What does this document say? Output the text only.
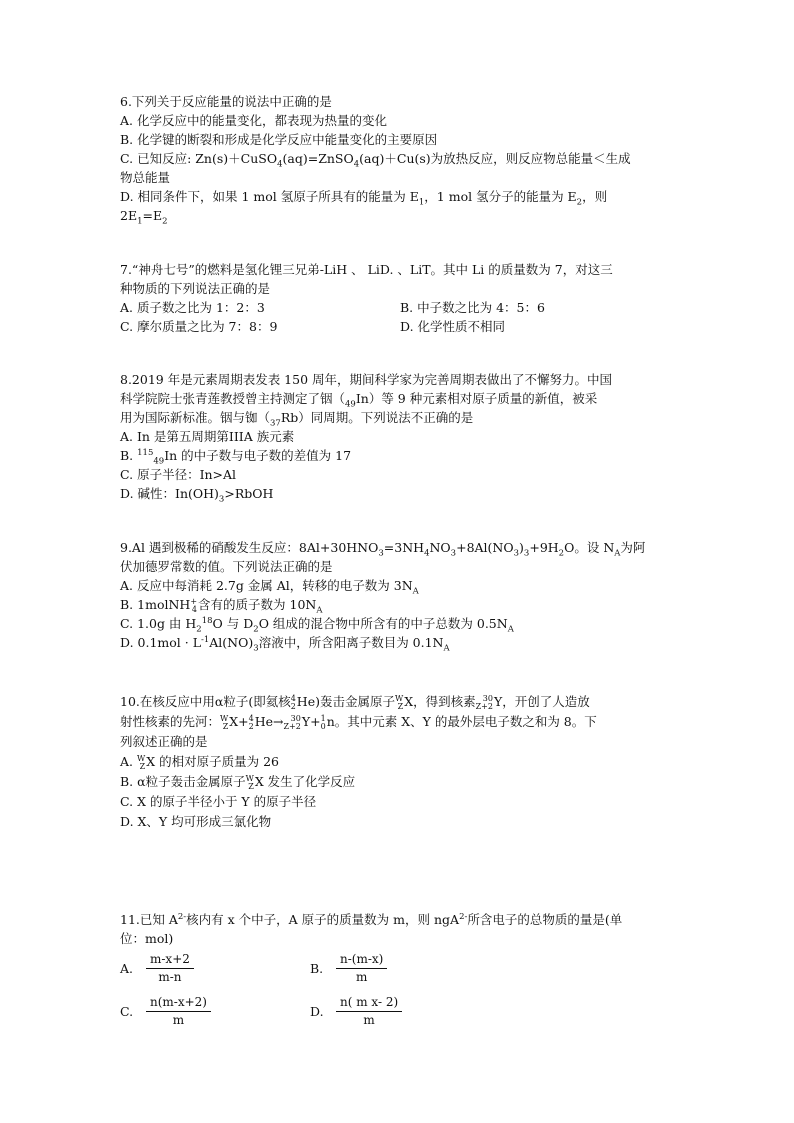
6.下列关于反应能量的说法中正确的是
A. 化学反应中的能量变化，都表现为热量的变化
B. 化学键的断裂和形成是化学反应中能量变化的主要原因
C. 已知反应: Zn(s)＋CuSO$_4$(aq)=ZnSO$_4$(aq)＋Cu(s)为放热反应，则反应物总能量＜生成
物总能量
D. 相同条件下，如果 1 mol 氢原子所具有的能量为 $E_1$，1 mol 氢分子的能量为 $E_2$，则
$2E_1=E_2$
7.“神舟七号”的燃料是氢化锂三兄弟-LiH 、 LiD. 、LiT。其中 Li 的质量数为 7，对这三
种物质的下列说法正确的是
A. 质子数之比为 1：2：3	B. 中子数之比为 4：5：6
C. 摩尔质量之比为 7：8：9	D. 化学性质不相同
8.2019 年是元素周期表发表 150 周年，期间科学家为完善周期表做出了不懈努力。中国
科学院院士张青莲教授曾主持测定了铟$(_{49}In)$等 9 种元素相对原子质量的新值，被采
用为国际新标准。铟与铷$(_{37}Rb)$同周期。下列说法不正确的是
A. In 是第五周期第IIIA 族元素
B. $^{115}_{49}$In 的中子数与电子数的差值为 17
C. 原子半径：In>Al
D. 碱性：$In(OH)_3>RbOH$
9.Al 遇到极稀的硝酸发生反应：$8Al+30HNO_3=3NH_4NO_3+8Al(NO_3)_3+9H_2O$。设 $N_A$为阿
伏加德罗常数的值。下列说法正确的是
A. 反应中每消耗 2.7g 金属 Al，转移的电子数为 $3N_A$
B. 1molNH +
4 含有的质子数为 $10N_A$
C. 1.0g 由 $H_2^{18}O$ 与 $D_2O$ 组成的混合物中所含有的中子总数为 $0.5N_A$
D. $0.1mol \cdot L^{-1}Al(NO)_3$溶液中，所含阳离子数目为 $0.1N_A$
10.在核反应中用α粒子(即氦核 4
2 He)轰击金属原子 W
Z X，得到核素 30
Z+2 Y，开创了人造放
射性核素的先河： W
Z X+ 4
2 He→ 30
Z+2 Y+ 1
0 n。其中元素 X、Y 的最外层电子数之和为 8。下
列叙述正确的是
A. W
Z X 的相对原子质量为 26
B. α粒子轰击金属原子 W
Z X 发生了化学反应
C. X 的原子半径小于 Y 的原子半径
D. X、Y 均可形成三氯化物
11.已知 $A^{2-}$核内有 x 个中子，A 原子的质量数为 m，则 ngA$^{2-}$所含电子的总物质的量是(单
位：mol)
A.	$\frac{m-x+2}{m-n}$	B.	$\frac{n-(m-x)}{m}$
C.	$\frac{n(m-x+2)}{m}$	D.	$\frac{\text{n( m x- 2)}}{m}$
